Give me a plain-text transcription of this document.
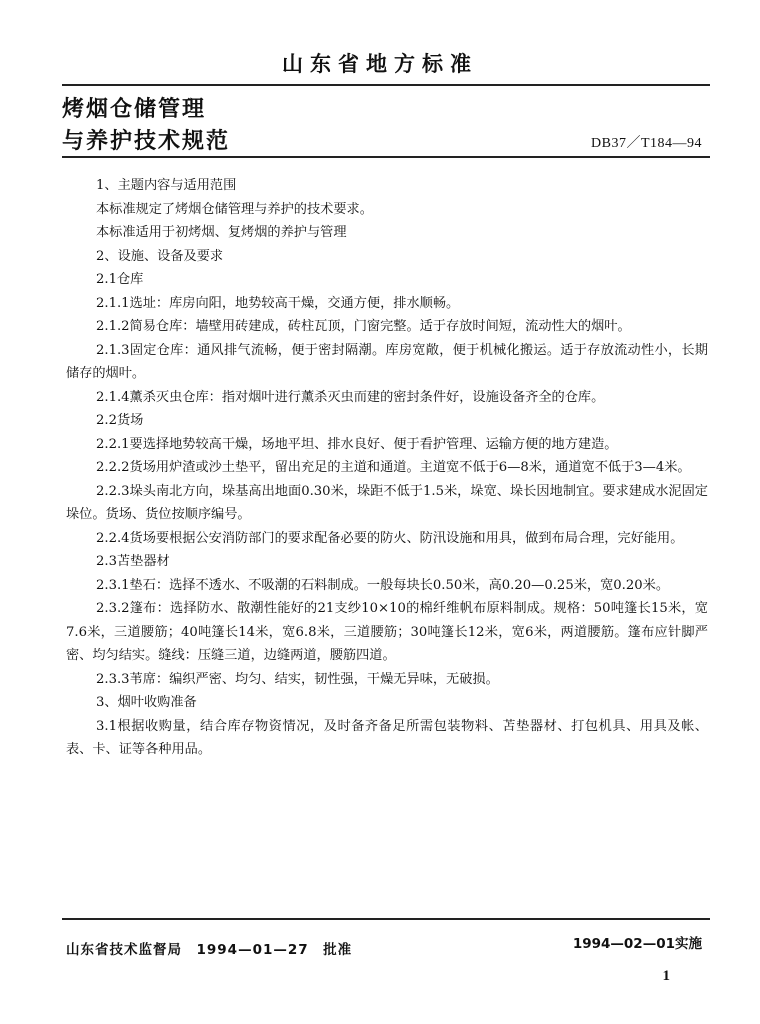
山东省地方标准
烤烟仓储管理
与养护技术规范	DB37／T184—94

1、主题内容与适用范围

本标准规定了烤烟仓储管理与养护的技术要求。

本标准适用于初烤烟、复烤烟的养护与管理

2、设施、设备及要求

2.1仓库

2.1.1选址：库房向阳，地势较高干燥，交通方便，排水顺畅。

2.1.2简易仓库：墙壁用砖建成，砖柱瓦顶，门窗完整。适于存放时间短，流动性大的烟叶。

2.1.3固定仓库：通风排气流畅，便于密封隔潮。库房宽敞，便于机械化搬运。适于存放流动性小，长期储存的烟叶。

2.1.4薰杀灭虫仓库：指对烟叶进行薰杀灭虫而建的密封条件好，设施设备齐全的仓库。

2.2货场

2.2.1要选择地势较高干燥，场地平坦、排水良好、便于看护管理、运输方便的地方建造。

2.2.2货场用炉渣或沙土垫平，留出充足的主道和通道。主道宽不低于6—8米，通道宽不低于3—4米。

2.2.3垛头南北方向，垛基高出地面0.30米，垛距不低于1.5米，垛宽、垛长因地制宜。要求建成水泥固定垛位。货场、货位按顺序编号。

2.2.4货场要根据公安消防部门的要求配备必要的防火、防汛设施和用具，做到布局合理，完好能用。

2.3苫垫器材

2.3.1垫石：选择不透水、不吸潮的石料制成。一般每块长0.50米，高0.20—0.25米，宽0.20米。

2.3.2篷布：选择防水、散潮性能好的21支纱10×10的棉纤维帆布原料制成。规格：50吨篷长15米，宽7.6米，三道腰筋；40吨篷长14米，宽6.8米，三道腰筋；30吨篷长12米，宽6米，两道腰筋。篷布应针脚严密、均匀结实。缝线：压缝三道，边缝两道，腰筋四道。

2.3.3苇席：编织严密、均匀、结实，韧性强，干燥无异味，无破损。

3、烟叶收购准备

3.1根据收购量，结合库存物资情况，及时备齐备足所需包装物料、苫垫器材、打包机具、用具及帐、表、卡、证等各种用品。

山东省技术监督局　1994—01—27　批准	1994—02—01实施
1
